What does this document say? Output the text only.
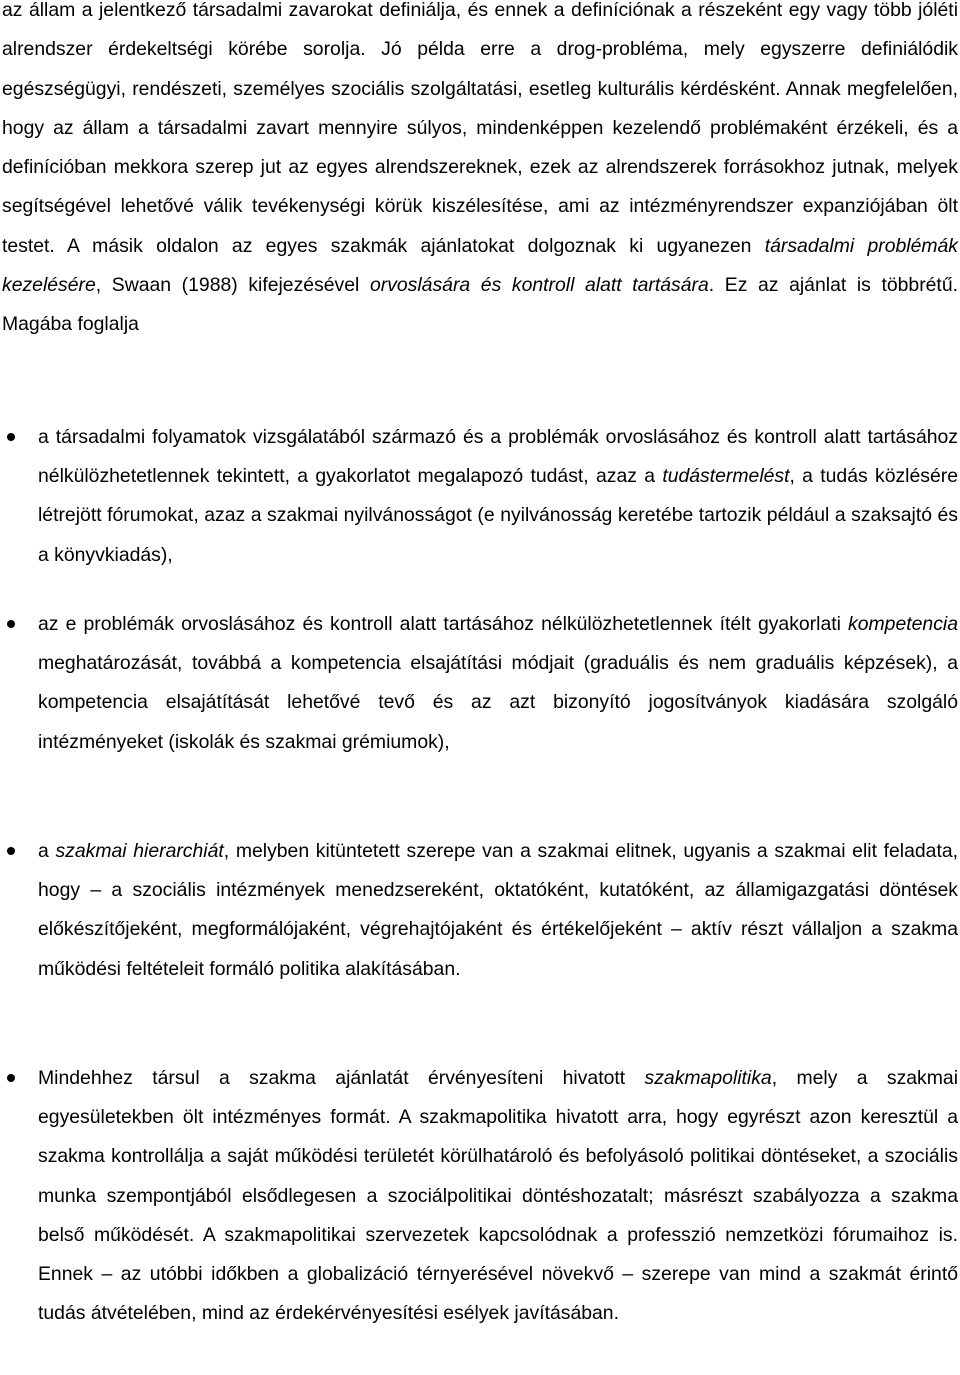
az állam a jelentkező társadalmi zavarokat definiálja, és ennek a definíciónak a részeként egy vagy több jóléti alrendszer érdekeltségi körébe sorolja. Jó példa erre a drog-probléma, mely egyszerre definiálódik egészségügyi, rendészeti, személyes szociális szolgáltatási, esetleg kulturális kérdésként. Annak megfelelően, hogy az állam a társadalmi zavart mennyire súlyos, mindenképpen kezelendő problémaként érzékeli, és a definícióban mekkora szerep jut az egyes alrendszereknek, ezek az alrendszerek forrásokhoz jutnak, melyek segítségével lehetővé válik tevékenységi körük kiszélesítése, ami az intézményrendszer expanziójában ölt testet. A másik oldalon az egyes szakmák ajánlatokat dolgoznak ki ugyanezen társadalmi problémák kezelésére, Swaan (1988) kifejezésével orvoslására és kontroll alatt tartására. Ez az ajánlat is többrétű. Magába foglalja

a társadalmi folyamatok vizsgálatából származó és a problémák orvoslásához és kontroll alatt tartásához nélkülözhetetlennek tekintett, a gyakorlatot megalapozó tudást, azaz a tudástermelést, a tudás közlésére létrejött fórumokat, azaz a szakmai nyilvánosságot (e nyilvánosság keretébe tartozik például a szaksajtó és a könyvkiadás),
az e problémák orvoslásához és kontroll alatt tartásához nélkülözhetetlennek ítélt gyakorlati kompetencia meghatározását, továbbá a kompetencia elsajátítási módjait (graduális és nem graduális képzések), a kompetencia elsajátítását lehetővé tevő és az azt bizonyító jogosítványok kiadására szolgáló intézményeket (iskolák és szakmai grémiumok),
a szakmai hierarchiát, melyben kitüntetett szerepe van a szakmai elitnek, ugyanis a szakmai elit feladata, hogy – a szociális intézmények menedzsereként, oktatóként, kutatóként, az államigazgatási döntések előkészítőjeként, megformálójaként, végrehajtójaként és értékelőjeként – aktív részt vállaljon a szakma működési feltételeit formáló politika alakításában.
Mindehhez társul a szakma ajánlatát érvényesíteni hivatott szakmapolitika, mely a szakmai egyesületekben ölt intézményes formát. A szakmapolitika hivatott arra, hogy egyrészt azon keresztül a szakma kontrollálja a saját működési területét körülhatároló és befolyásoló politikai döntéseket, a szociális munka szempontjából elsődlegesen a szociálpolitikai döntéshozatalt; másrészt szabályozza a szakma belső működését. A szakmapolitikai szervezetek kapcsolódnak a professzió nemzetközi fórumaihoz is. Ennek – az utóbbi időkben a globalizáció térnyerésével növekvő – szerepe van mind a szakmát érintő tudás átvételében, mind az érdekérvényesítési esélyek javításában.
